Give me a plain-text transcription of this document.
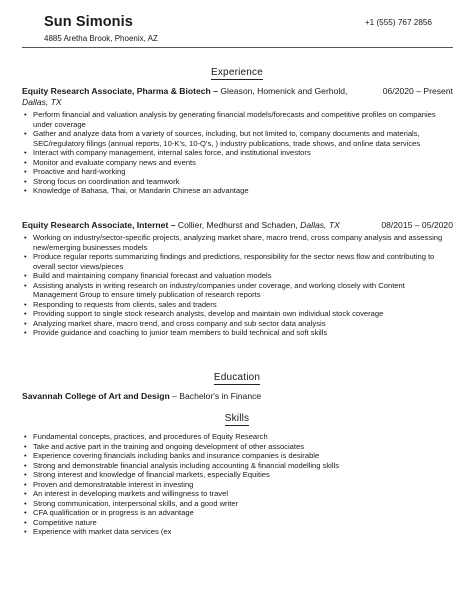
Sun Simonis
4885 Aretha Brook, Phoenix, AZ
+1 (555) 767 2856
Experience
Equity Research Associate, Pharma & Biotech – Gleason, Homenick and Gerhold,	06/2020 – Present
Dallas, TX
• Perform financial and valuation analysis by generating financial models/forecasts and competitive profiles on companies
under coverage
• Gather and analyze data from a variety of sources, including, but not limited to, company documents and materials,
SEC/regulatory filings (annual reports, 10-K’s, 10-Q’s, ) industry publications, trade shows, and online data services
• Interact with company management, internal sales force, and institutional investors
• Monitor and evaluate company news and events
• Proactive and hard-working
• Strong focus on coordination and teamwork
• Knowledge of Bahasa, Thai, or Mandarin Chinese an advantage
Equity Research Associate, Internet – Collier, Medhurst and Schaden, Dallas, TX	08/2015 – 05/2020
• Working on industry/sector-specific projects, analyzing market share, macro trend, cross company analysis and assessing
new/emerging businesses models
• Produce regular reports summarizing findings and predictions, responsibility for the sector news flow and contributing to
overall sector views/pieces
• Build and maintaining company financial forecast and valuation models
• Assisting analysts in writing research on industry/companies under coverage, and working closely with Content
Management Group to ensure timely publication of research reports
• Responding to requests from clients, sales and traders
• Providing support to single stock research analysts, develop and maintain own individual stock coverage
• Analyzing market share, macro trend, and cross company and sub sector data analysis
• Provide guidance and coaching to junior team members to build technical and soft skills
Education
Savannah College of Art and Design – Bachelor's in Finance
Skills
• Fundamental concepts, practices, and procedures of Equity Research
• Take and active part in the training and ongoing development of other associates
• Experience covering financials including banks and insurance companies is desirable
• Strong and demonstrable financial analysis including accounting & financial modelling skills
• Strong interest and knowledge of financial markets, especially Equities
• Proven and demonstratable interest in investing
• An interest in developing markets and willingness to travel
• Strong communication, interpersonal skills, and a good writer
• CFA qualification or in progress is an advantage
• Competitive nature
• Experience with market data services (ex
